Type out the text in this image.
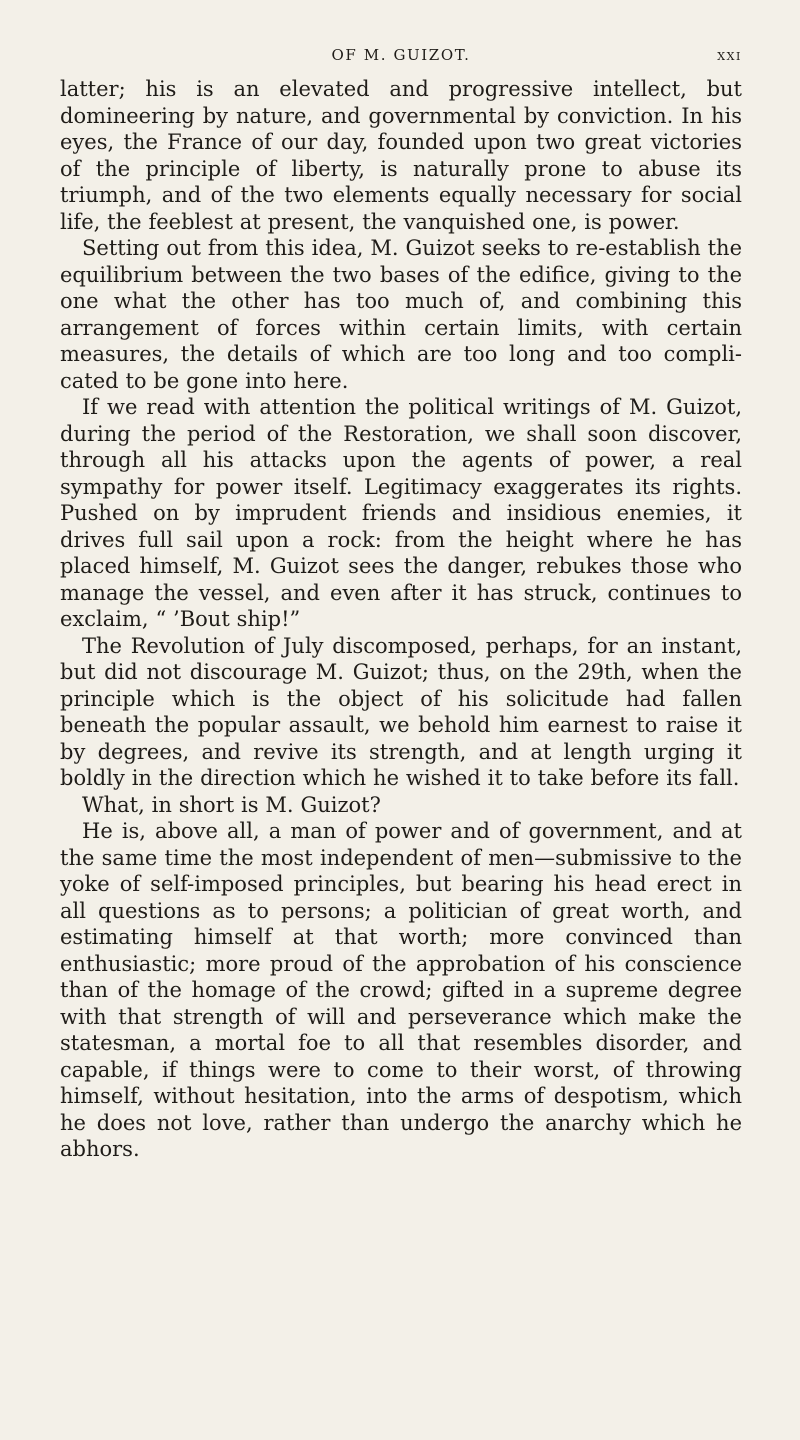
OF M. GUIZOT.	xxi

latter; his is an elevated and progressive intellect, but domineering by nature, and governmental by conviction. In his eyes, the France of our day, founded upon two great victories of the principle of liberty, is naturally prone to abuse its triumph, and of the two elements equally necessary for social life, the feeblest at present, the vanquished one, is power.

Setting out from this idea, M. Guizot seeks to re-establish the equilibrium between the two bases of the edifice, giving to the one what the other has too much of, and combining this arrangement of forces within certain limits, with certain measures, the details of which are too long and too complicated to be gone into here.

If we read with attention the political writings of M. Guizot, during the period of the Restoration, we shall soon discover, through all his attacks upon the agents of power, a real sympathy for power itself. Legitimacy exaggerates its rights. Pushed on by imprudent friends and insidious enemies, it drives full sail upon a rock: from the height where he has placed himself, M. Guizot sees the danger, rebukes those who manage the vessel, and even after it has struck, continues to exclaim, “ ’Bout ship!”

The Revolution of July discomposed, perhaps, for an instant, but did not discourage M. Guizot; thus, on the 29th, when the principle which is the object of his solicitude had fallen beneath the popular assault, we behold him earnest to raise it by degrees, and revive its strength, and at length urging it boldly in the direction which he wished it to take before its fall.

What, in short is M. Guizot?

He is, above all, a man of power and of government, and at the same time the most independent of men—submissive to the yoke of self-imposed principles, but bearing his head erect in all questions as to persons; a politician of great worth, and estimating himself at that worth; more convinced than enthusiastic; more proud of the approbation of his conscience than of the homage of the crowd; gifted in a supreme degree with that strength of will and perseverance which make the statesman, a mortal foe to all that resembles disorder, and capable, if things were to come to their worst, of throwing himself, without hesitation, into the arms of despotism, which he does not love, rather than undergo the anarchy which he abhors.
